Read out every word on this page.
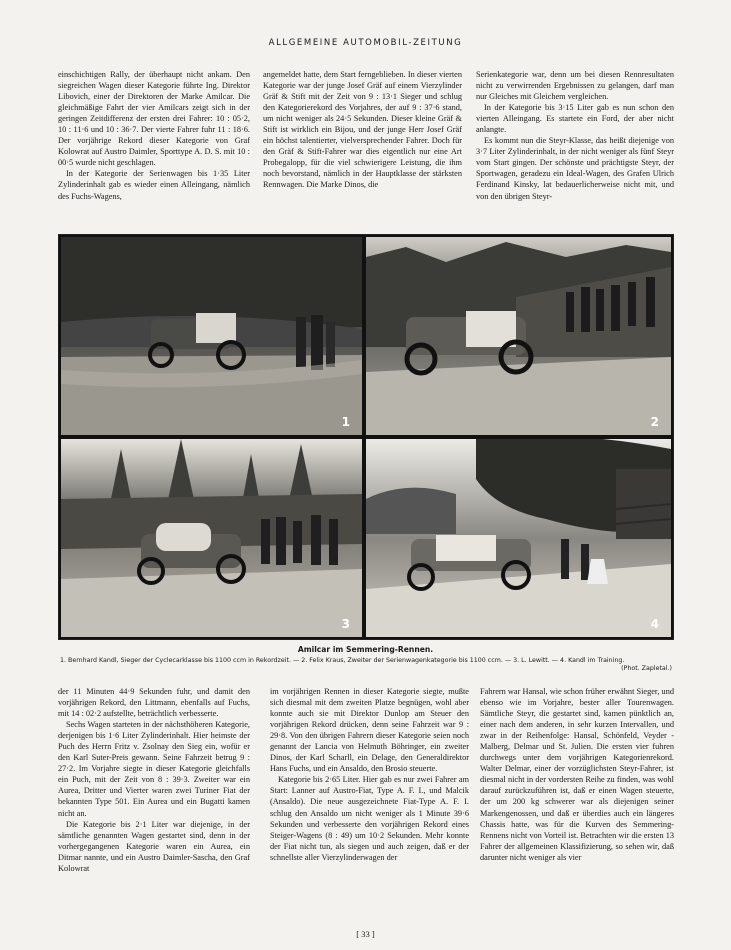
ALLGEMEINE AUTOMOBIL-ZEITUNG

einschichtigen Rally, der überhaupt nicht ankam. Den siegreichen Wagen dieser Kategorie führte Ing. Direktor Libovich, einer der Direktoren der Marke Amilcar. Die gleichmäßige Fahrt der vier Amilcars zeigt sich in der geringen Zeitdifferenz der ersten drei Fahrer: 10 : 05·2, 10 : 11·6 und 10 : 36·7. Der vierte Fahrer fuhr 11 : 18·6. Der vorjährige Rekord dieser Kategorie von Graf Kolowrat auf Austro Daimler, Sporttype A. D. S. mit 10 : 00·5 wurde nicht geschlagen.

In der Kategorie der Serienwagen bis 1·35 Liter Zylinderinhalt gab es wieder einen Alleingang, nämlich des Fuchs-Wagens,

angemeldet hatte, dem Start ferngeblieben. In dieser vierten Kategorie war der junge Josef Gräf auf einem Vierzylinder Gräf & Stift mit der Zeit von 9 : 13·1 Sieger und schlug den Kategorierekord des Vorjahres, der auf 9 : 37·6 stand, um nicht weniger als 24·5 Sekunden. Dieser kleine Gräf & Stift ist wirklich ein Bijou, und der junge Herr Josef Gräf ein höchst talentierter, vielversprechender Fahrer. Doch für den Gräf & Stift-Fahrer war dies eigentlich nur eine Art Probegalopp, für die viel schwierigere Leistung, die ihm noch bevorstand, nämlich in der Hauptklasse der stärksten Rennwagen. Die Marke Dinos, die

Serienkategorie war, denn um bei diesen Rennresultaten nicht zu verwirrenden Ergebnissen zu gelangen, darf man nur Gleiches mit Gleichem vergleichen.

In der Kategorie bis 3·15 Liter gab es nun schon den vierten Alleingang. Es startete ein Ford, der aber nicht anlangte.

Es kommt nun die Steyr-Klasse, das heißt diejenige von 3·7 Liter Zylinderinhalt, in der nicht weniger als fünf Steyr vom Start gingen. Der schönste und prächtigste Steyr, der Sportwagen, geradezu ein Ideal-Wagen, des Grafen Ulrich Ferdinand Kinsky, lat bedauerlicherweise nicht mit, und von den übrigen Steyr-

1	2
3	4
Amilcar im Semmering-Rennen.
1. Bernhard Kandl, Sieger der Cyclecarklasse bis 1100 ccm in Rekordzeit. — 2. Felix Kraus, Zweiter der Serienwagenkategorie bis 1100 ccm. — 3. L. Lewitt. — 4. Kandl im Training.
(Phot. Zapletal.)

der 11 Minuten 44·9 Sekunden fuhr, und damit den vorjährigen Rekord, den Littmann, ebenfalls auf Fuchs, mit 14 : 02·2 aufstellte, beträchtlich verbesserte.

Sechs Wagen starteten in der nächsthöheren Kategorie, derjenigen bis 1·6 Liter Zylinderinhalt. Hier heimste der Puch des Herrn Fritz v. Zsolnay den Sieg ein, wofür er den Karl Suter-Preis gewann. Seine Fahrzeit betrug 9 : 27·2. Im Vorjahre siegte in dieser Kategorie gleichfalls ein Puch, mit der Zeit von 8 : 39·3. Zweiter war ein Aurea, Dritter und Vierter waren zwei Turiner Fiat der bekannten Type 501. Ein Aurea und ein Bugatti kamen nicht an.

Die Kategorie bis 2·1 Liter war diejenige, in der sämtliche genannten Wagen gestartet sind, denn in der vorhergegangenen Kategorie waren ein Aurea, ein Ditmar nannte, und ein Austro Daimler-Sascha, den Graf Kolowrat

im vorjährigen Rennen in dieser Kategorie siegte, mußte sich diesmal mit dem zweiten Platze begnügen, wohl aber konnte auch sie mit Direktor Dunlop am Steuer den vorjährigen Rekord drücken, denn seine Fahrzeit war 9 : 29·8. Von den übrigen Fahrern dieser Kategorie seien noch genannt der Lancia von Helmuth Böhringer, ein zweiter Dinos, der Karl Scharll, ein Delage, den Generaldirektor Hans Fuchs, und ein Ansaldo, den Brosio steuerte.

Kategorie bis 2·65 Liter. Hier gab es nur zwei Fahrer am Start: Lanner auf Austro-Fiat, Type A. F. I., und Malcik (Ansaldo). Die neue ausgezeichnete Fiat-Type A. F. I. schlug den Ansaldo um nicht weniger als 1 Minute 39·6 Sekunden und verbesserte den vorjährigen Rekord eines Steiger-Wagens (8 : 49) um 10·2 Sekunden. Mehr konnte der Fiat nicht tun, als siegen und auch zeigen, daß er der schnellste aller Vierzylinderwagen der

Fahrern war Hansal, wie schon früher erwähnt Sieger, und ebenso wie im Vorjahre, bester aller Tourenwagen. Sämtliche Steyr, die gestartet sind, kamen pünktlich an, einer nach dem anderen, in sehr kurzen Intervallen, und zwar in der Reihenfolge: Hansal, Schönfeld, Veyder - Malberg, Delmar und St. Julien. Die ersten vier fuhren durchwegs unter dem vorjährigen Kategorienrekord. Walter Delmar, einer der vorzüglichsten Steyr-Fahrer, ist diesmal nicht in der vordersten Reihe zu finden, was wohl darauf zurückzuführen ist, daß er einen Wagen steuerte, der um 200 kg schwerer war als diejenigen seiner Markengenossen, und daß er überdies auch ein längeres Chassis hatte, was für die Kurven des Semmering-Rennens nicht von Vorteil ist. Betrachten wir die ersten 13 Fahrer der allgemeinen Klassifizierung, so sehen wir, daß darunter nicht weniger als vier

[ 33 ]
